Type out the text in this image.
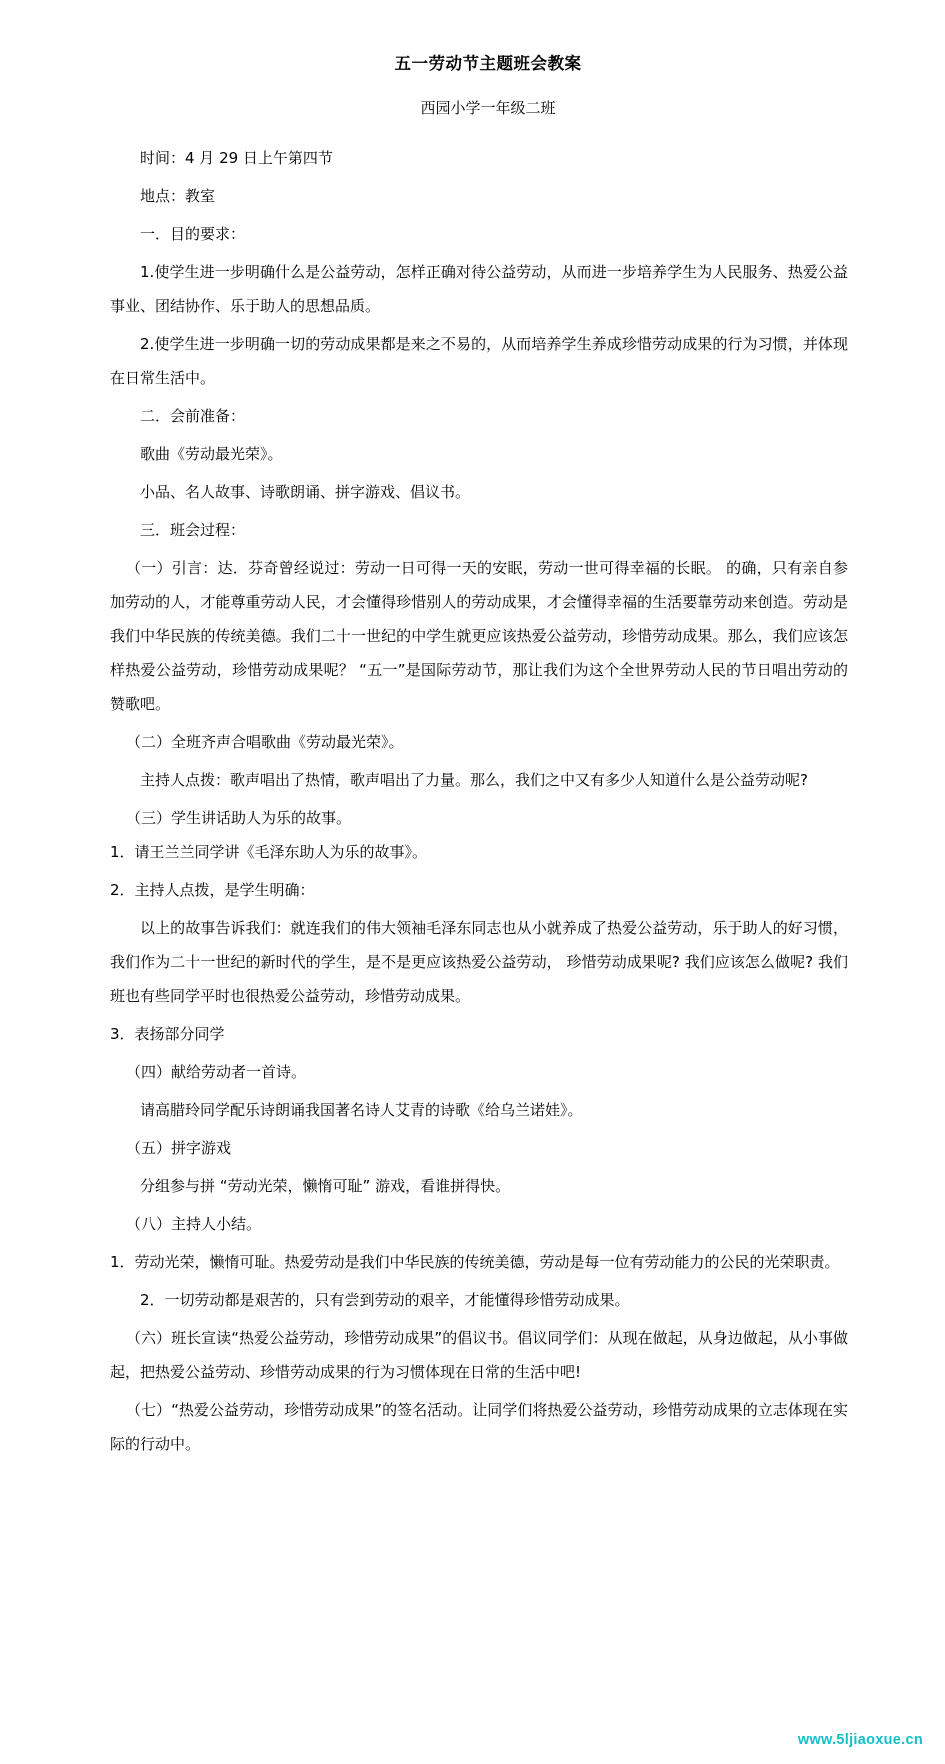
五一劳动节主题班会教案
西园小学一年级二班

时间：4 月 29 日上午第四节

地点：教室

一．目的要求：

1.使学生进一步明确什么是公益劳动，怎样正确对待公益劳动，从而进一步培养学生为人民服务、热爱公益事业、团结协作、乐于助人的思想品质。

2.使学生进一步明确一切的劳动成果都是来之不易的，从而培养学生养成珍惜劳动成果的行为习惯，并体现在日常生活中。

二．会前准备：

歌曲《劳动最光荣》。

小品、名人故事、诗歌朗诵、拼字游戏、倡议书。

三．班会过程：

（一）引言：达．芬奇曾经说过：劳动一日可得一天的安眠，劳动一世可得幸福的长眠。 的确，只有亲自参加劳动的人，才能尊重劳动人民，才会懂得珍惜别人的劳动成果，才会懂得幸福的生活要靠劳动来创造。劳动是我们中华民族的传统美德。我们二十一世纪的中学生就更应该热爱公益劳动，珍惜劳动成果。那么，我们应该怎样热爱公益劳动，珍惜劳动成果呢？ “五一”是国际劳动节，那让我们为这个全世界劳动人民的节日唱出劳动的赞歌吧。

（二）全班齐声合唱歌曲《劳动最光荣》。

主持人点拨：歌声唱出了热情，歌声唱出了力量。那么，我们之中又有多少人知道什么是公益劳动呢?

（三）学生讲话助人为乐的故事。

1．请王兰兰同学讲《毛泽东助人为乐的故事》。

2．主持人点拨，是学生明确：

以上的故事告诉我们：就连我们的伟大领袖毛泽东同志也从小就养成了热爱公益劳动，乐于助人的好习惯，我们作为二十一世纪的新时代的学生，是不是更应该热爱公益劳动， 珍惜劳动成果呢? 我们应该怎么做呢? 我们班也有些同学平时也很热爱公益劳动，珍惜劳动成果。

3．表扬部分同学

（四）献给劳动者一首诗。

请高腊玲同学配乐诗朗诵我国著名诗人艾青的诗歌《给乌兰诺娃》。

（五）拼字游戏

分组参与拼 “劳动光荣，懒惰可耻” 游戏，看谁拼得快。

（八）主持人小结。

1．劳动光荣，懒惰可耻。热爱劳动是我们中华民族的传统美德，劳动是每一位有劳动能力的公民的光荣职责。

2．一切劳动都是艰苦的，只有尝到劳动的艰辛，才能懂得珍惜劳动成果。

（六）班长宣读“热爱公益劳动，珍惜劳动成果”的倡议书。倡议同学们：从现在做起，从身边做起，从小事做起，把热爱公益劳动、珍惜劳动成果的行为习惯体现在日常的生活中吧!

（七）“热爱公益劳动，珍惜劳动成果”的签名活动。让同学们将热爱公益劳动，珍惜劳动成果的立志体现在实际的行动中。

www.5ljiaoxue.cn
